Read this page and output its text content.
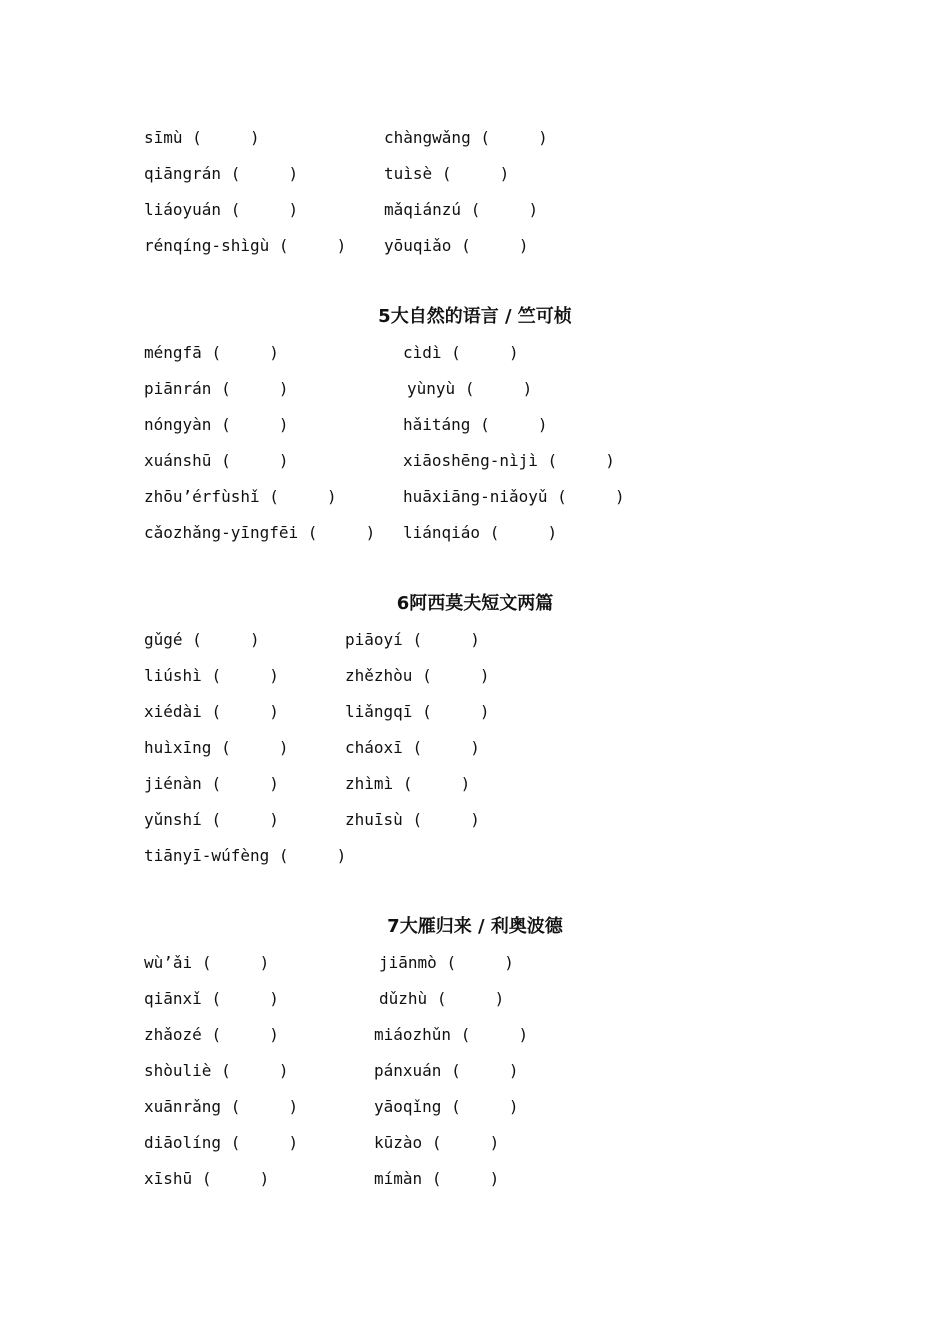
sīmù (     )	chàngwǎng (     )
qiāngrán (     )	tuìsè (     )
liáoyuán (     )	mǎqiánzú (     )
rénqíng-shìgù (     ) yōuqiǎo (     )
5大自然的语言 / 竺可桢
méngfā (     )	cìdì (     )
piānrán (     )	yùnyù (     )
nóngyàn (     )	hǎitáng (     )
xuánshū (     )	xiāoshēng-nìjì (     )
zhōu’érfùshǐ (     )	huāxiāng-niǎoyǔ (     )
cǎozhǎng-yīngfēi (     ) liánqiáo (     )
6阿西莫夫短文两篇
gǔgé (     )	piāoyí (     )
liúshì (     )	zhězhòu (     )
xiédài (     )	liǎngqī (     )
huìxīng (     )	cháoxī (     )
jiénàn (     )	zhìmì (     )
yǔnshí (     )	zhuīsù (     )
tiānyī-wúfèng (     )
7大雁归来 / 利奥波德
wù’ǎi (     )	jiānmò (     )
qiānxǐ (     )	dǔzhù (     )
zhǎozé (     )	miáozhǔn (     )
shòuliè (     )	pánxuán (     )
xuānrǎng (     )	yāoqǐng (     )
diāolíng (     )	kūzào (     )
xīshū (     )	mímàn (     )
